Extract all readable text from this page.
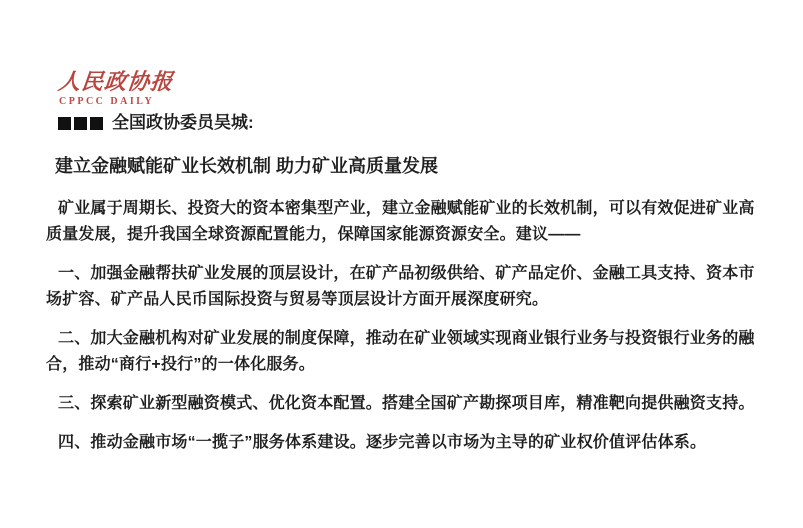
人民政协报
CPPCC DAILY
全国政协委员吴城:
建立金融赋能矿业长效机制 助力矿业高质量发展

矿业属于周期长、投资大的资本密集型产业，建立金融赋能矿业的长效机制，可以有效促进矿业高质量发展，提升我国全球资源配置能力，保障国家能源资源安全。建议——

一、加强金融帮扶矿业发展的顶层设计，在矿产品初级供给、矿产品定价、金融工具支持、资本市场扩容、矿产品人民币国际投资与贸易等顶层设计方面开展深度研究。

二、加大金融机构对矿业发展的制度保障，推动在矿业领域实现商业银行业务与投资银行业务的融合，推动“商行+投行”的一体化服务。

三、探索矿业新型融资模式、优化资本配置。搭建全国矿产勘探项目库，精准靶向提供融资支持。

四、推动金融市场“一揽子”服务体系建设。逐步完善以市场为主导的矿业权价值评估体系。
